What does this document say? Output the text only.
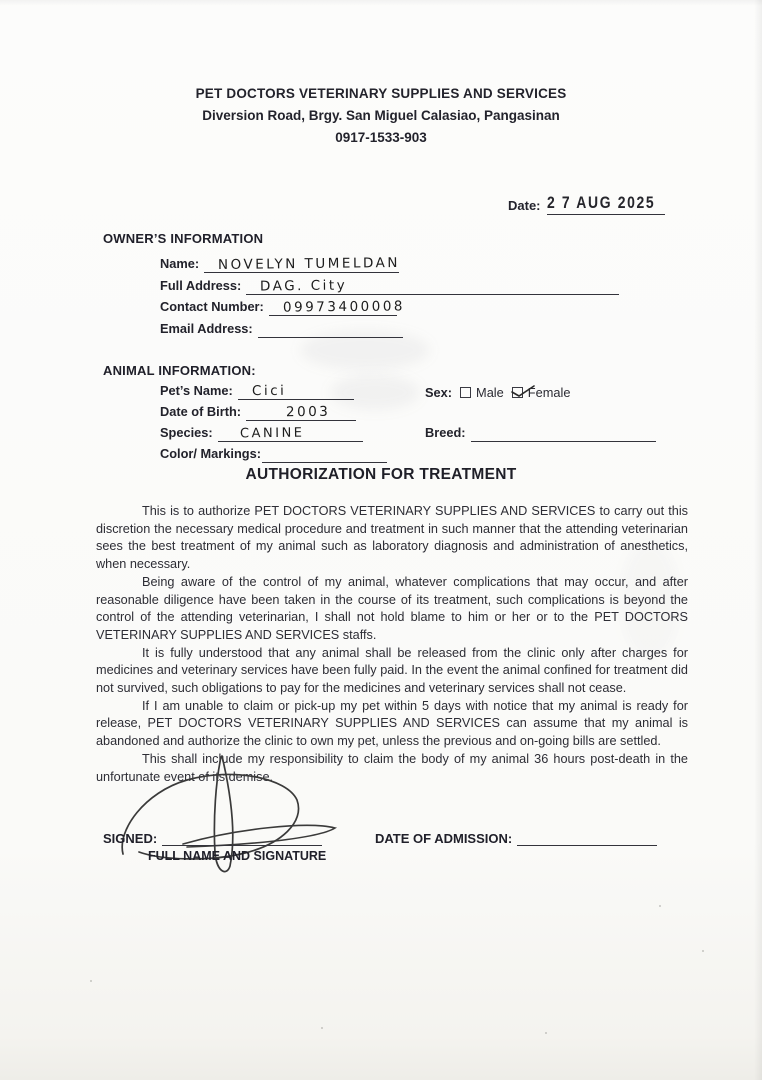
PET DOCTORS VETERINARY SUPPLIES AND SERVICES
Diversion Road, Brgy. San Miguel Calasiao, Pangasinan
0917-1533-903
Date: 2 7 AUG 2025
OWNER’S INFORMATION
Name: NOVELYN TUMELDAN
Full Address: DAG. City
Contact Number: 09973400008
Email Address:
ANIMAL INFORMATION:
Pet’s Name: Cici	Sex: Male Female
Date of Birth:	2003
Species: CANINE	Breed:
Color/ Markings:
AUTHORIZATION FOR TREATMENT

This is to authorize PET DOCTORS VETERINARY SUPPLIES AND SERVICES to carry out this discretion the necessary medical procedure and treatment in such manner that the attending veterinarian sees the best treatment of my animal such as laboratory diagnosis and administration of anesthetics, when necessary.

Being aware of the control of my animal, whatever complications that may occur, and after reasonable diligence have been taken in the course of its treatment, such complications is beyond the control of the attending veterinarian, I shall not hold blame to him or her or to the PET DOCTORS VETERINARY SUPPLIES AND SERVICES staffs.

It is fully understood that any animal shall be released from the clinic only after charges for medicines and veterinary services have been fully paid. In the event the animal confined for treatment did not survived, such obligations to pay for the medicines and veterinary services shall not cease.

If I am unable to claim or pick-up my pet within 5 days with notice that my animal is ready for release, PET DOCTORS VETERINARY SUPPLIES AND SERVICES can assume that my animal is abandoned and authorize the clinic to own my pet, unless the previous and on-going bills are settled.

This shall include my responsibility to claim the body of my animal 36 hours post-death in the unfortunate event of its demise.

SIGNED:
FULL NAME AND SIGNATURE
DATE OF ADMISSION:
